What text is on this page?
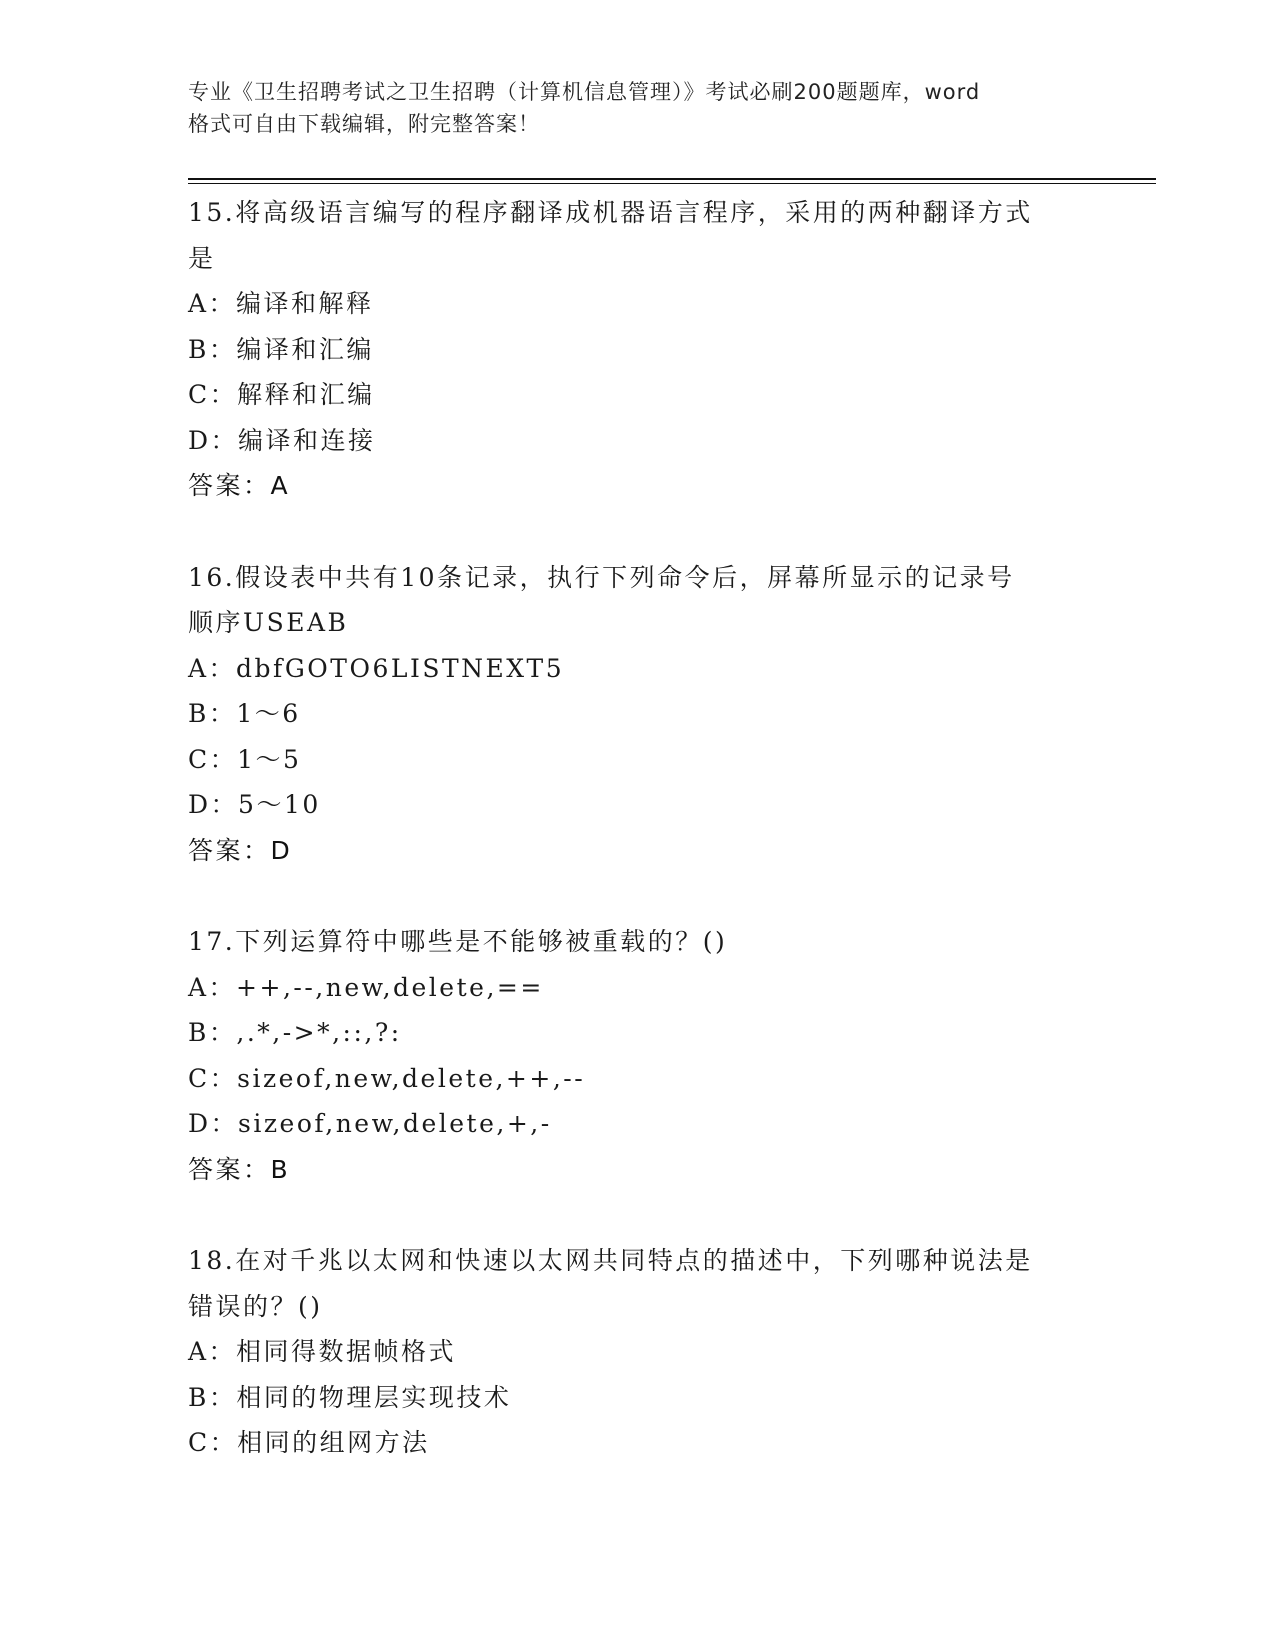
专业《卫生招聘考试之卫生招聘（计算机信息管理）》考试必刷200题题库，word
格式可自由下载编辑，附完整答案！
15.将高级语言编写的程序翻译成机器语言程序，采用的两种翻译方式
是
A：编译和解释
B：编译和汇编
C：解释和汇编
D：编译和连接
答案：A
16.假设表中共有10条记录，执行下列命令后，屏幕所显示的记录号
顺序USEAB
A：dbfGOTO6LISTNEXT5
B：1～6
C：1～5
D：5～10
答案：D
17.下列运算符中哪些是不能够被重载的？()
A：++,--,new,delete,==
B：,.*,->*,::,?:
C：sizeof,new,delete,++,--
D：sizeof,new,delete,+,-
答案：B
18.在对千兆以太网和快速以太网共同特点的描述中，下列哪种说法是
错误的？()
A：相同得数据帧格式
B：相同的物理层实现技术
C：相同的组网方法
